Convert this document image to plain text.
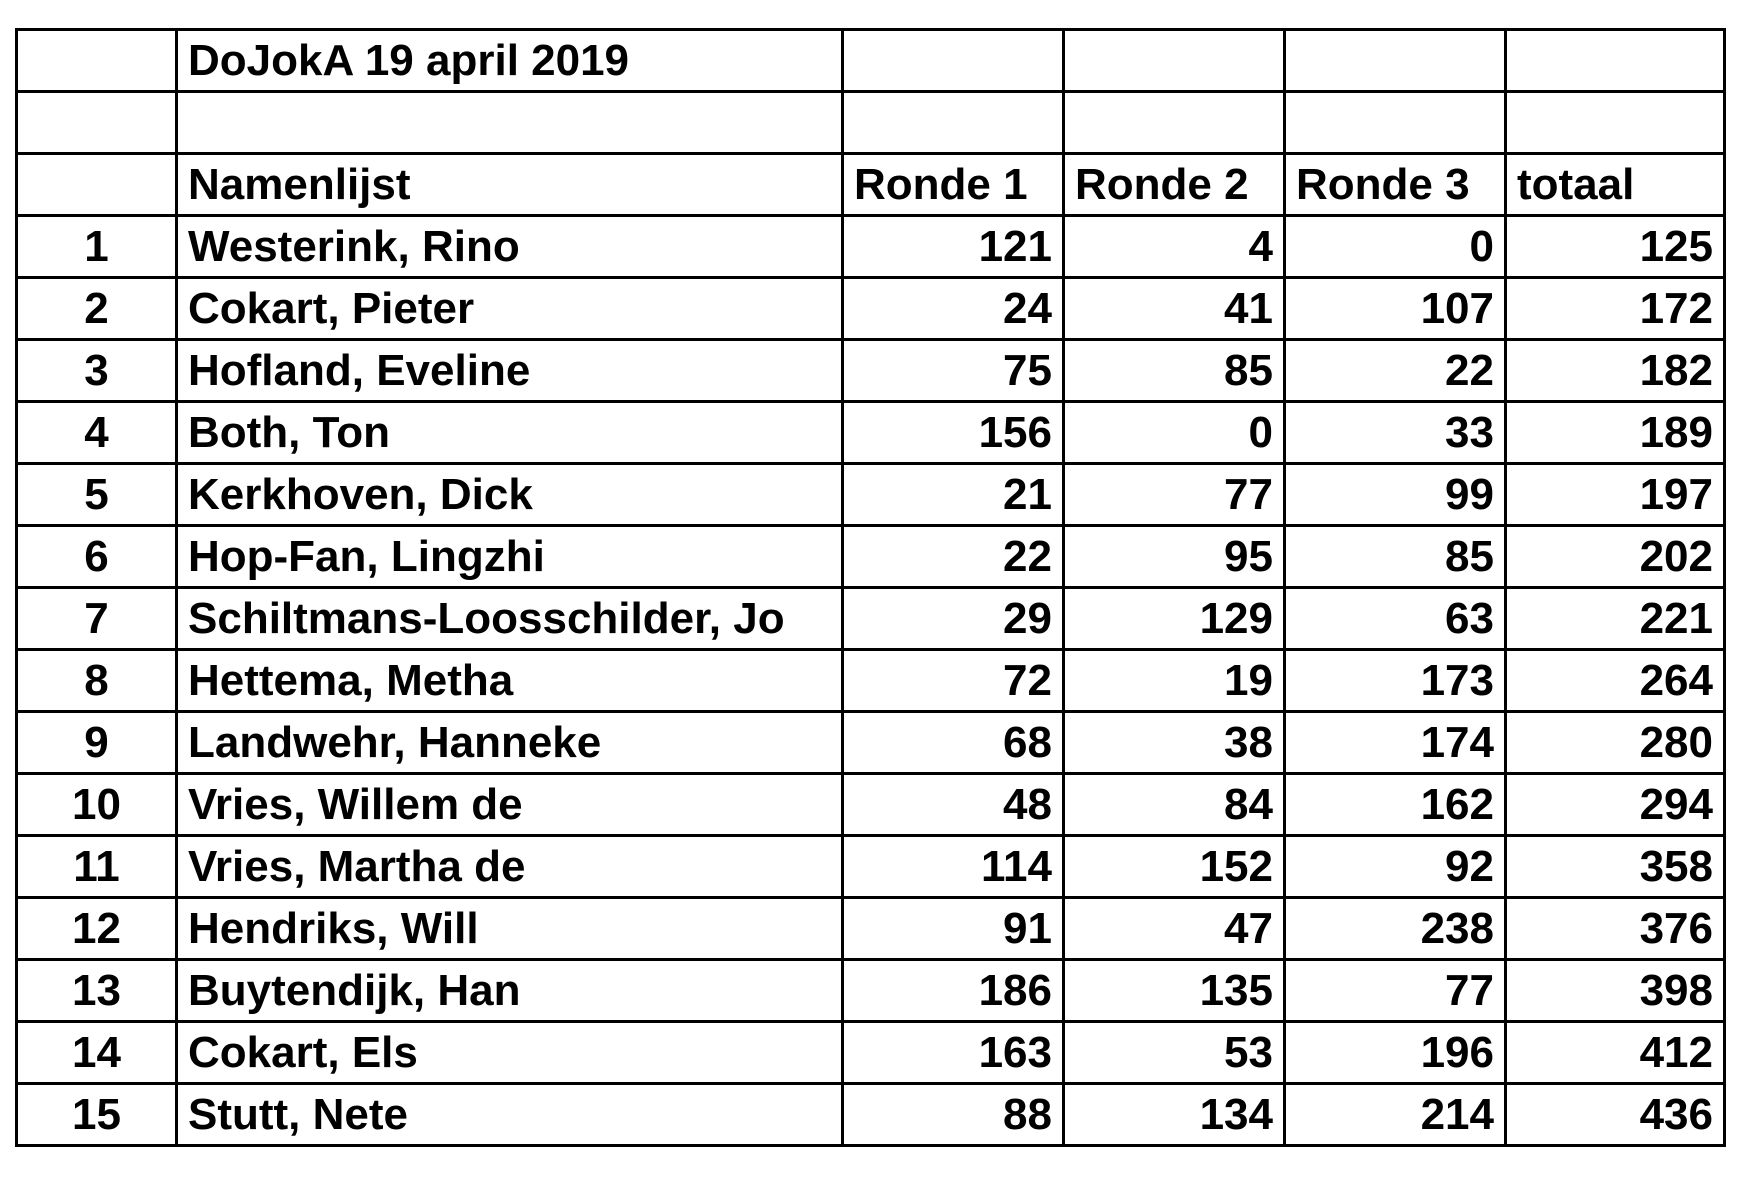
	DoJokA 19 april 2019				

	Namenlijst	Ronde 1	Ronde 2	Ronde 3	totaal
1	Westerink, Rino	121	4	0	125
2	Cokart, Pieter	24	41	107	172
3	Hofland, Eveline	75	85	22	182
4	Both, Ton	156	0	33	189
5	Kerkhoven, Dick	21	77	99	197
6	Hop-Fan, Lingzhi	22	95	85	202
7	Schiltmans-Loosschilder, Jo	29	129	63	221
8	Hettema, Metha	72	19	173	264
9	Landwehr, Hanneke	68	38	174	280
10	Vries, Willem de	48	84	162	294
11	Vries, Martha de	114	152	92	358
12	Hendriks, Will	91	47	238	376
13	Buytendijk, Han	186	135	77	398
14	Cokart, Els	163	53	196	412
15	Stutt, Nete	88	134	214	436
